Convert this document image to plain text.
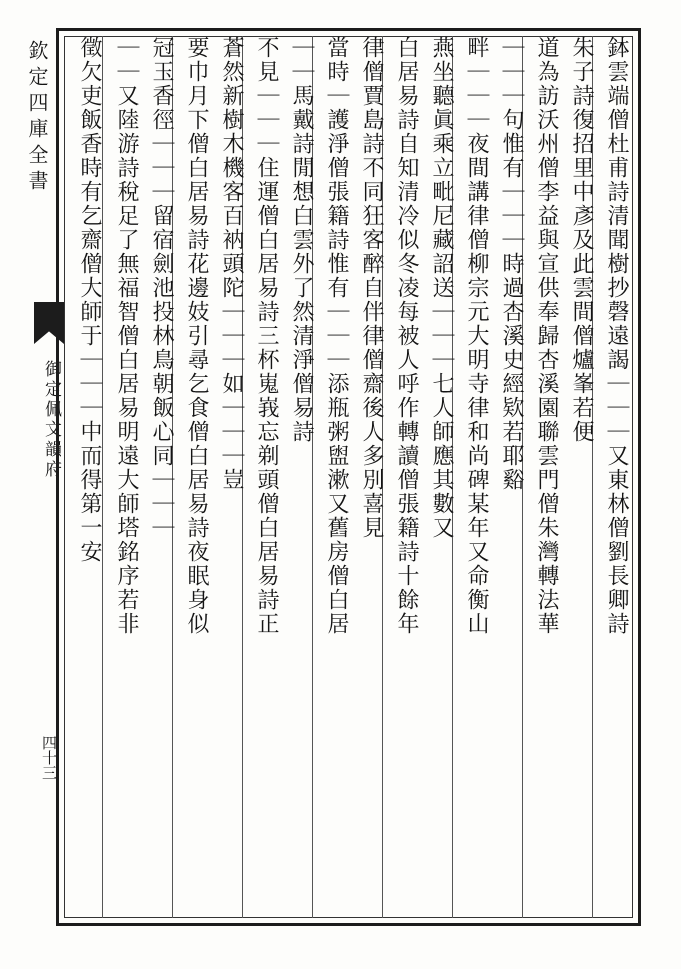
欽定四庫全書
御定佩文韻府
四十三
鉢雲端僧杜甫詩清聞樹抄磬遠謁｜｜｜又東林僧劉長卿詩
朱子詩復招里中彥及此雲間僧爐峯若便
道為訪沃州僧李益與宣供奉歸杏溪園聯雲門僧朱灣轉法華
｜｜｜句惟有｜｜｜時過杏溪史經欵若耶谿
畔｜｜｜夜間講律僧柳宗元大明寺律和尚碑某年又命衡山
燕坐聽眞乘立毗尼藏詔送｜｜｜七人師應其數又
白居易詩自知清冷似冬凌每被人呼作轉讀僧張籍詩十餘年
律僧賈島詩不同狂客醉自伴律僧齋後人多別喜見
當時｜護淨僧張籍詩惟有｜｜｜添瓶粥盥漱又舊房僧白居
｜｜馬戴詩閒想白雲外了然清淨僧易詩
不見｜｜｜住運僧白居易詩三杯嵬峩忘剃頭僧白居易詩正
蒼然新樹木機客百衲頭陀｜｜｜如｜｜｜豈
要巾月下僧白居易詩花邊妓引尋乞食僧白居易詩夜眠身似
冠玉香徑｜｜｜留宿劍池投林鳥朝飯心同｜｜｜
｜｜又陸游詩稅足了無福智僧白居易明遠大師塔銘序若非
徵欠吏飯香時有乞齋僧大師于｜｜｜中而得第一安
